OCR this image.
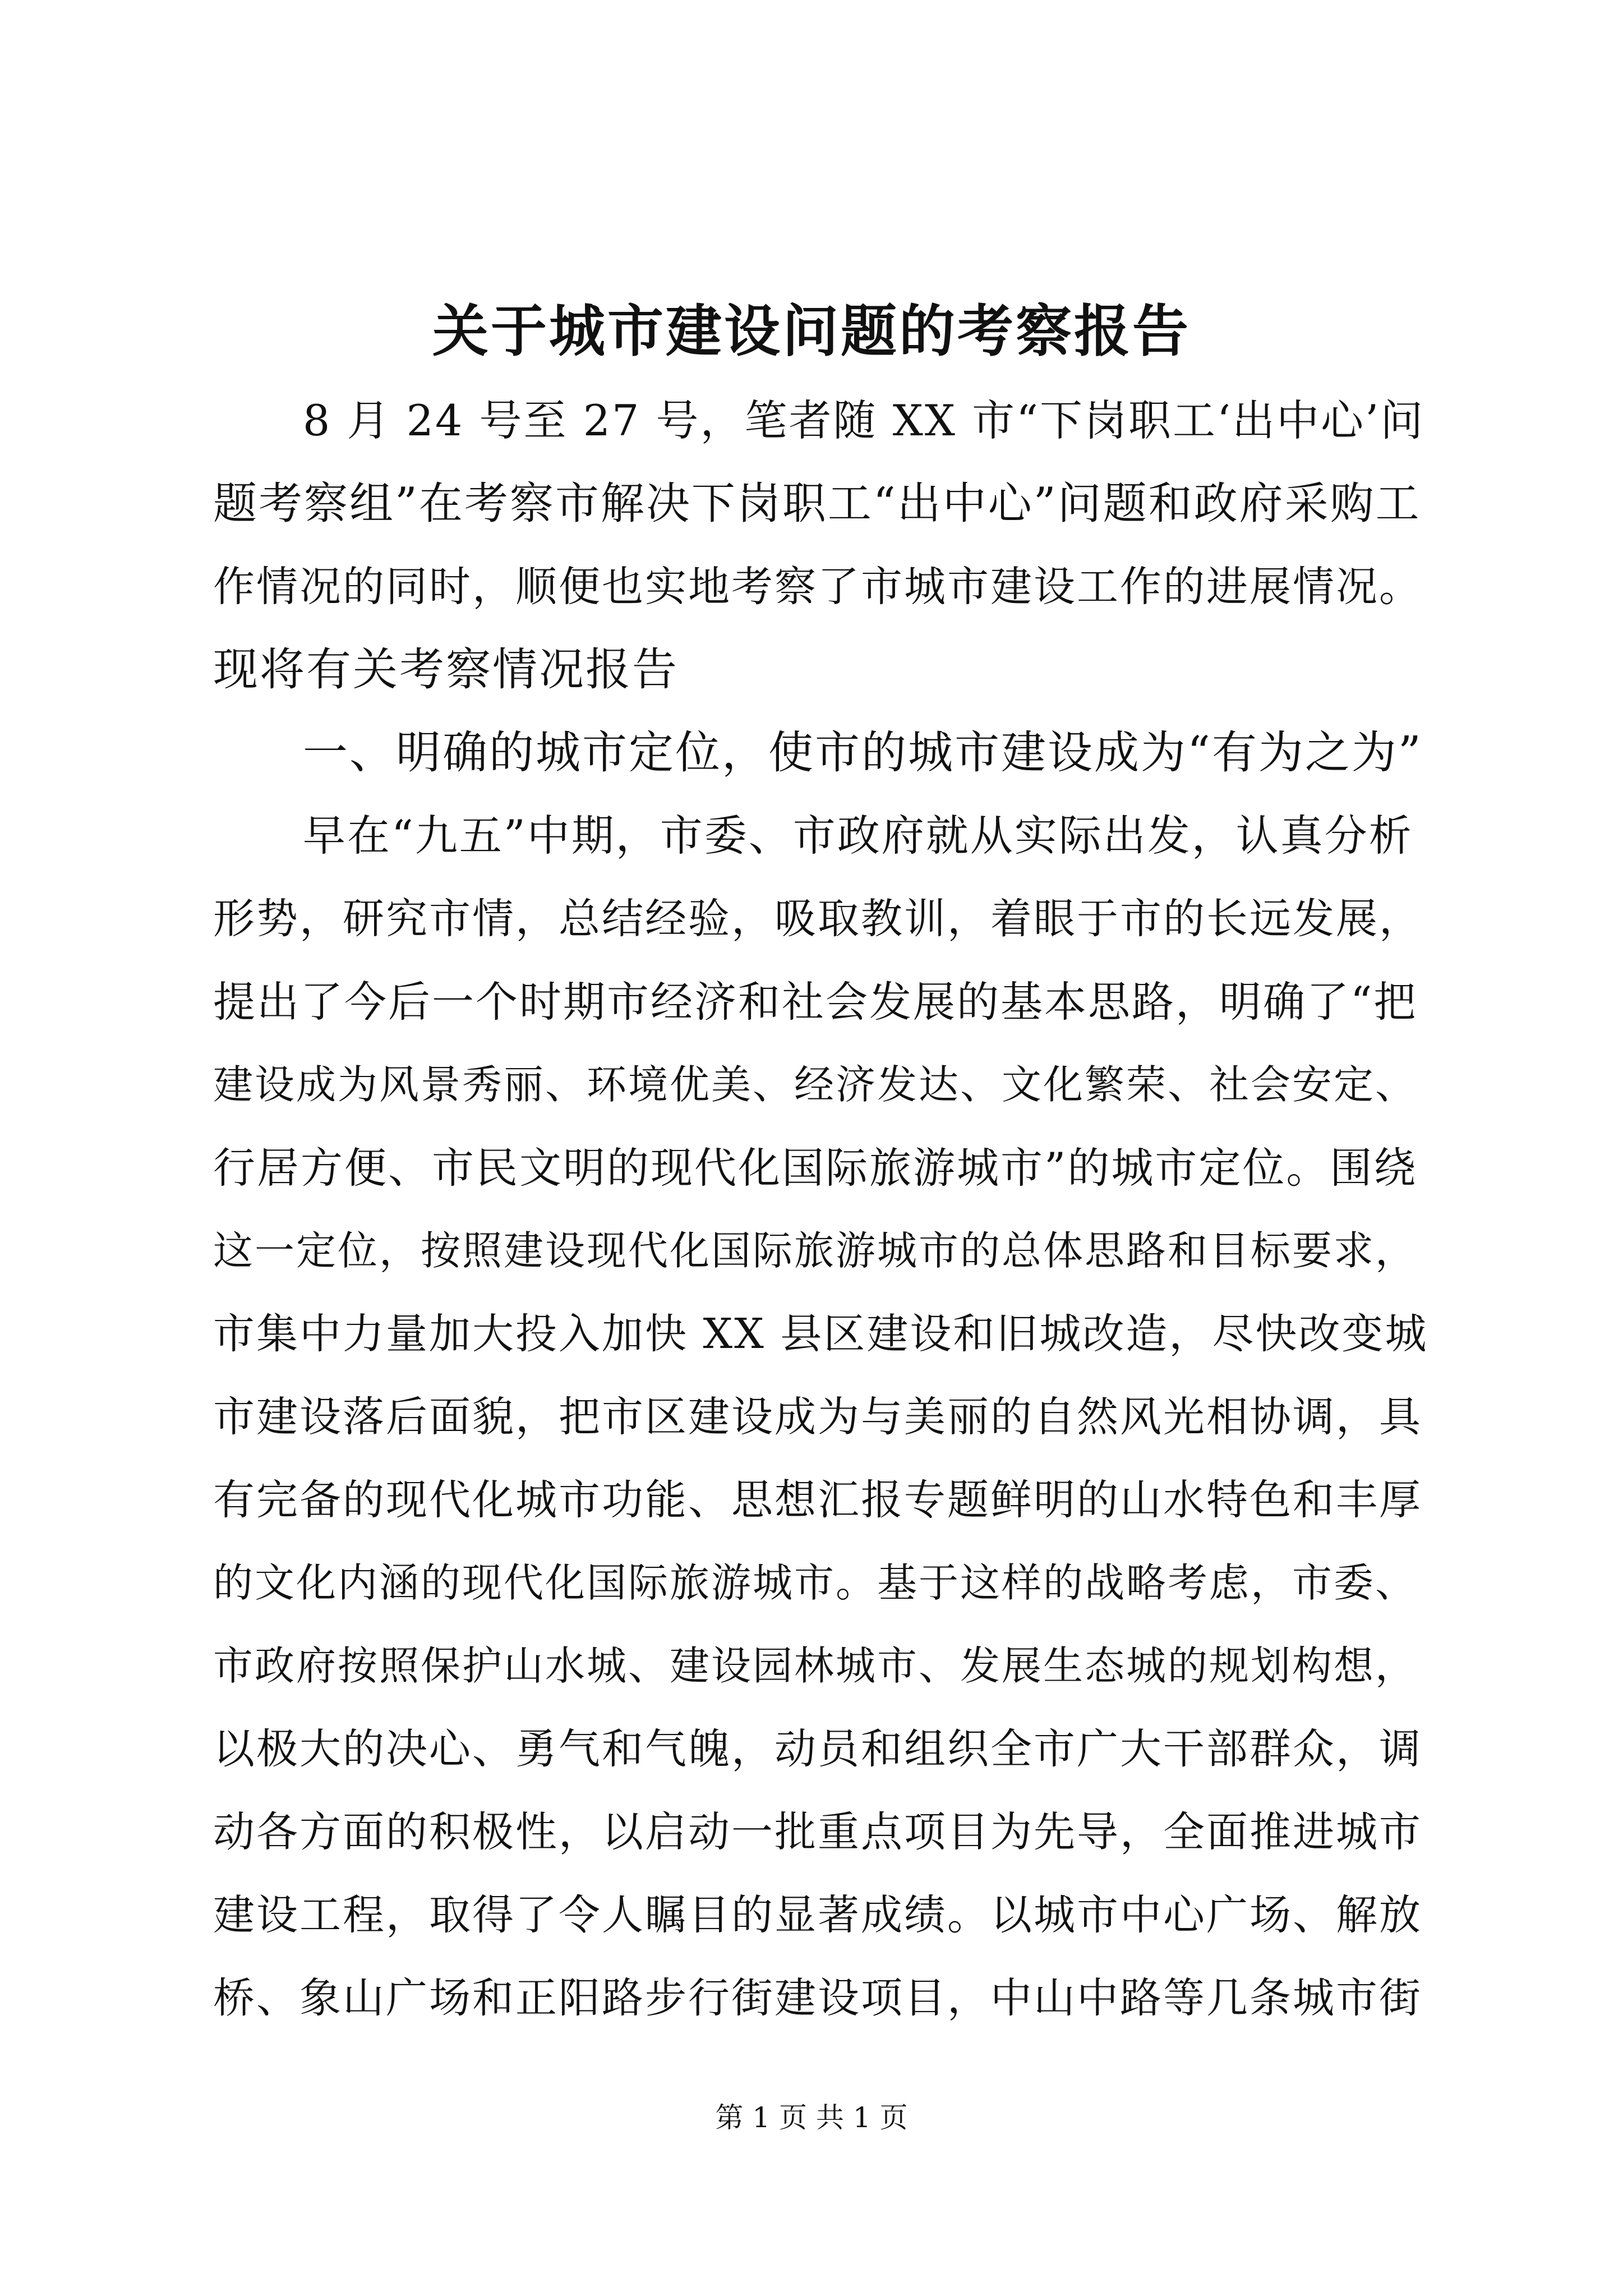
关于城市建设问题的考察报告

8 月 24 号至 27 号，笔者随 XX 市“下岗职工‘出中心’问

题考察组”在考察市解决下岗职工“出中心”问题和政府采购工

作情况的同时，顺便也实地考察了市城市建设工作的进展情况。

现将有关考察情况报告

一、明确的城市定位，使市的城市建设成为“有为之为”

早在“九五”中期，市委、市政府就从实际出发，认真分析

形势，研究市情，总结经验，吸取教训，着眼于市的长远发展，

提出了今后一个时期市经济和社会发展的基本思路，明确了“把

建设成为风景秀丽、环境优美、经济发达、文化繁荣、社会安定、

行居方便、市民文明的现代化国际旅游城市”的城市定位。围绕

这一定位，按照建设现代化国际旅游城市的总体思路和目标要求，

市集中力量加大投入加快 XX 县区建设和旧城改造，尽快改变城

市建设落后面貌，把市区建设成为与美丽的自然风光相协调，具

有完备的现代化城市功能、思想汇报专题鲜明的山水特色和丰厚

的文化内涵的现代化国际旅游城市。基于这样的战略考虑，市委、

市政府按照保护山水城、建设园林城市、发展生态城的规划构想，

以极大的决心、勇气和气魄，动员和组织全市广大干部群众，调

动各方面的积极性，以启动一批重点项目为先导，全面推进城市

建设工程，取得了令人瞩目的显著成绩。以城市中心广场、解放

桥、象山广场和正阳路步行街建设项目，中山中路等几条城市街

第 1 页 共 1 页
